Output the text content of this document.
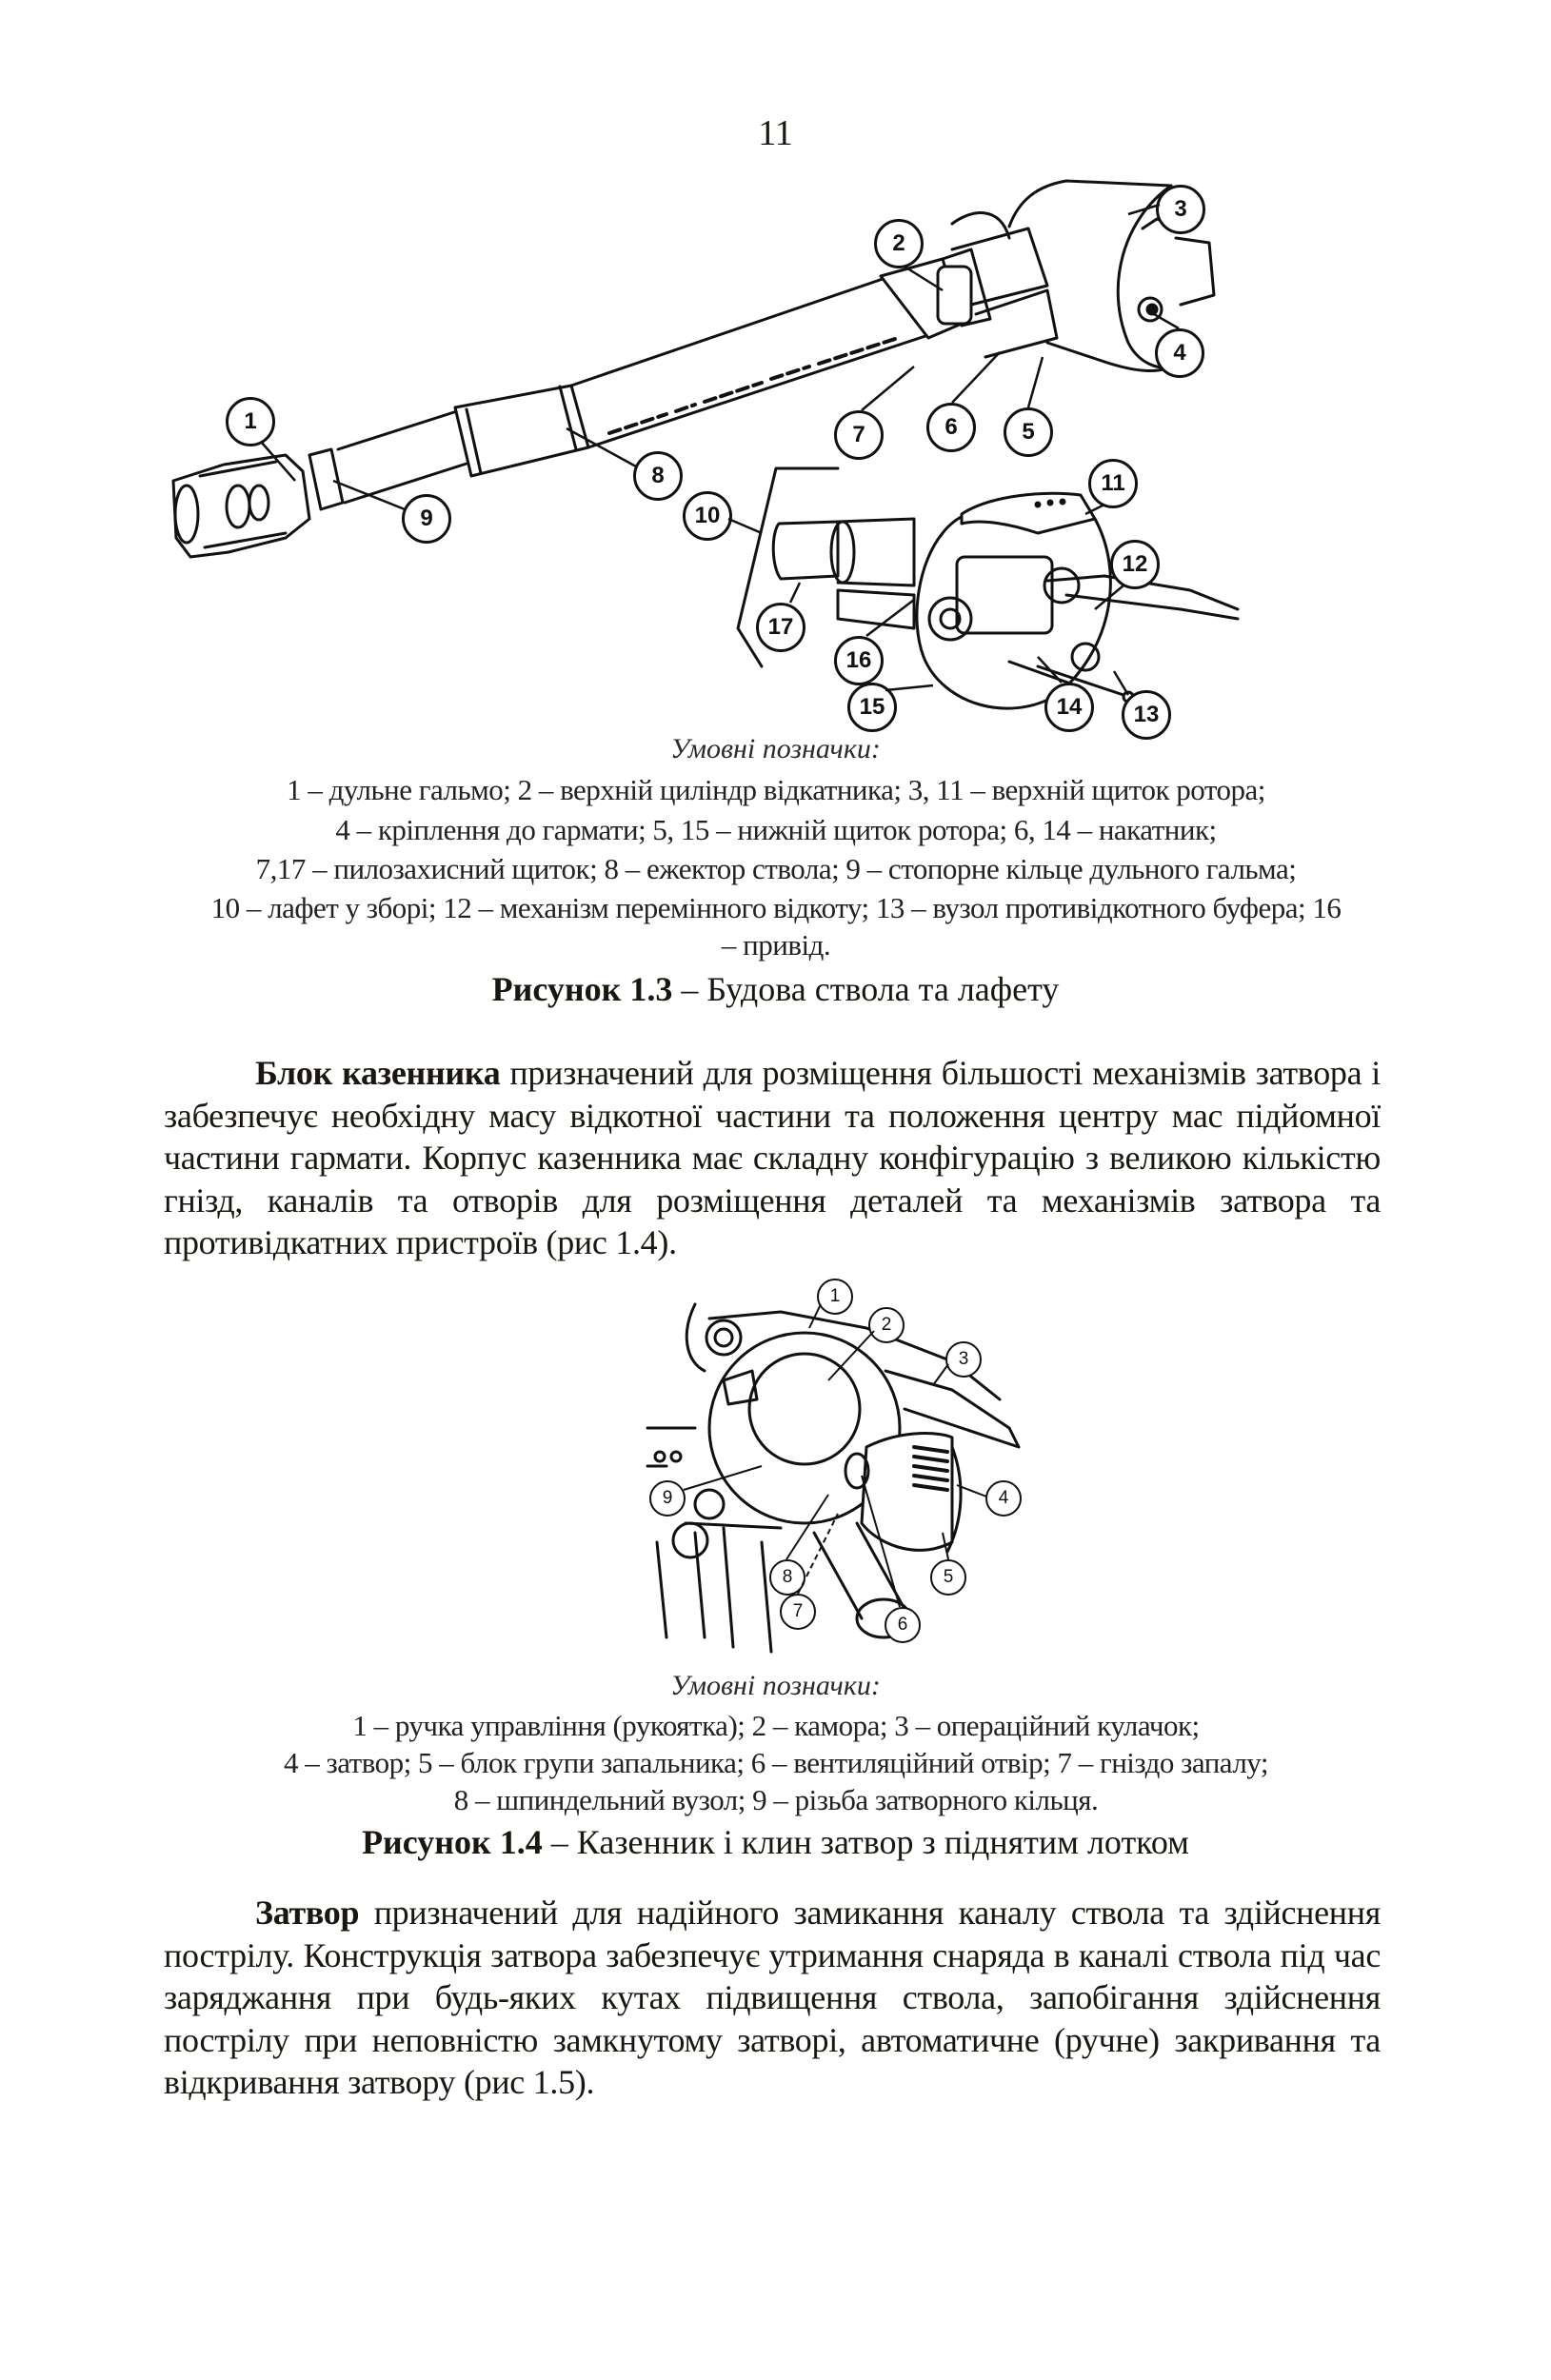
11
1
2
3
4
5
6
7
8
9	10
11
12
13
14
15
16
17
Умовні позначки:
1 – дульне гальмо; 2 – верхній циліндр відкатника; 3, 11 – верхній щиток ротора;
4 – кріплення до гармати; 5, 15 – нижній щиток ротора; 6, 14 – накатник;
7,17 – пилозахисний щиток; 8 – ежектор ствола; 9 – стопорне кільце дульного гальма;
10 – лафет у зборі; 12 – механізм перемінного відкоту; 13 – вузол противідкотного буфера; 16
– привід.
Рисунок 1.3 – Будова ствола та лафету
Блок казенника призначений для розміщення більшості механізмів затвора і забезпечує необхідну масу відкотної частини та положення центру мас підйомної частини гармати. Корпус казенника має складну конфігурацію з великою кількістю гнізд, каналів та отворів для розміщення деталей та механізмів затвора та противідкатних пристроїв (рис 1.4).
1
2
3
4
5
6
7
8
9
Умовні позначки:
1 – ручка управління (рукоятка); 2 – камора; 3 – операційний кулачок;
4 – затвор; 5 – блок групи запальника; 6 – вентиляційний отвір; 7 – гніздо запалу;
8 – шпиндельний вузол; 9 – різьба затворного кільця.
Рисунок 1.4 – Казенник і клин затвор з піднятим лотком
Затвор призначений для надійного замикання каналу ствола та здійснення пострілу. Конструкція затвора забезпечує утримання снаряда в каналі ствола під час заряджання при будь-яких кутах підвищення ствола, запобігання здійснення пострілу при неповністю замкнутому затворі, автоматичне (ручне) закривання та відкривання затвору (рис 1.5).
